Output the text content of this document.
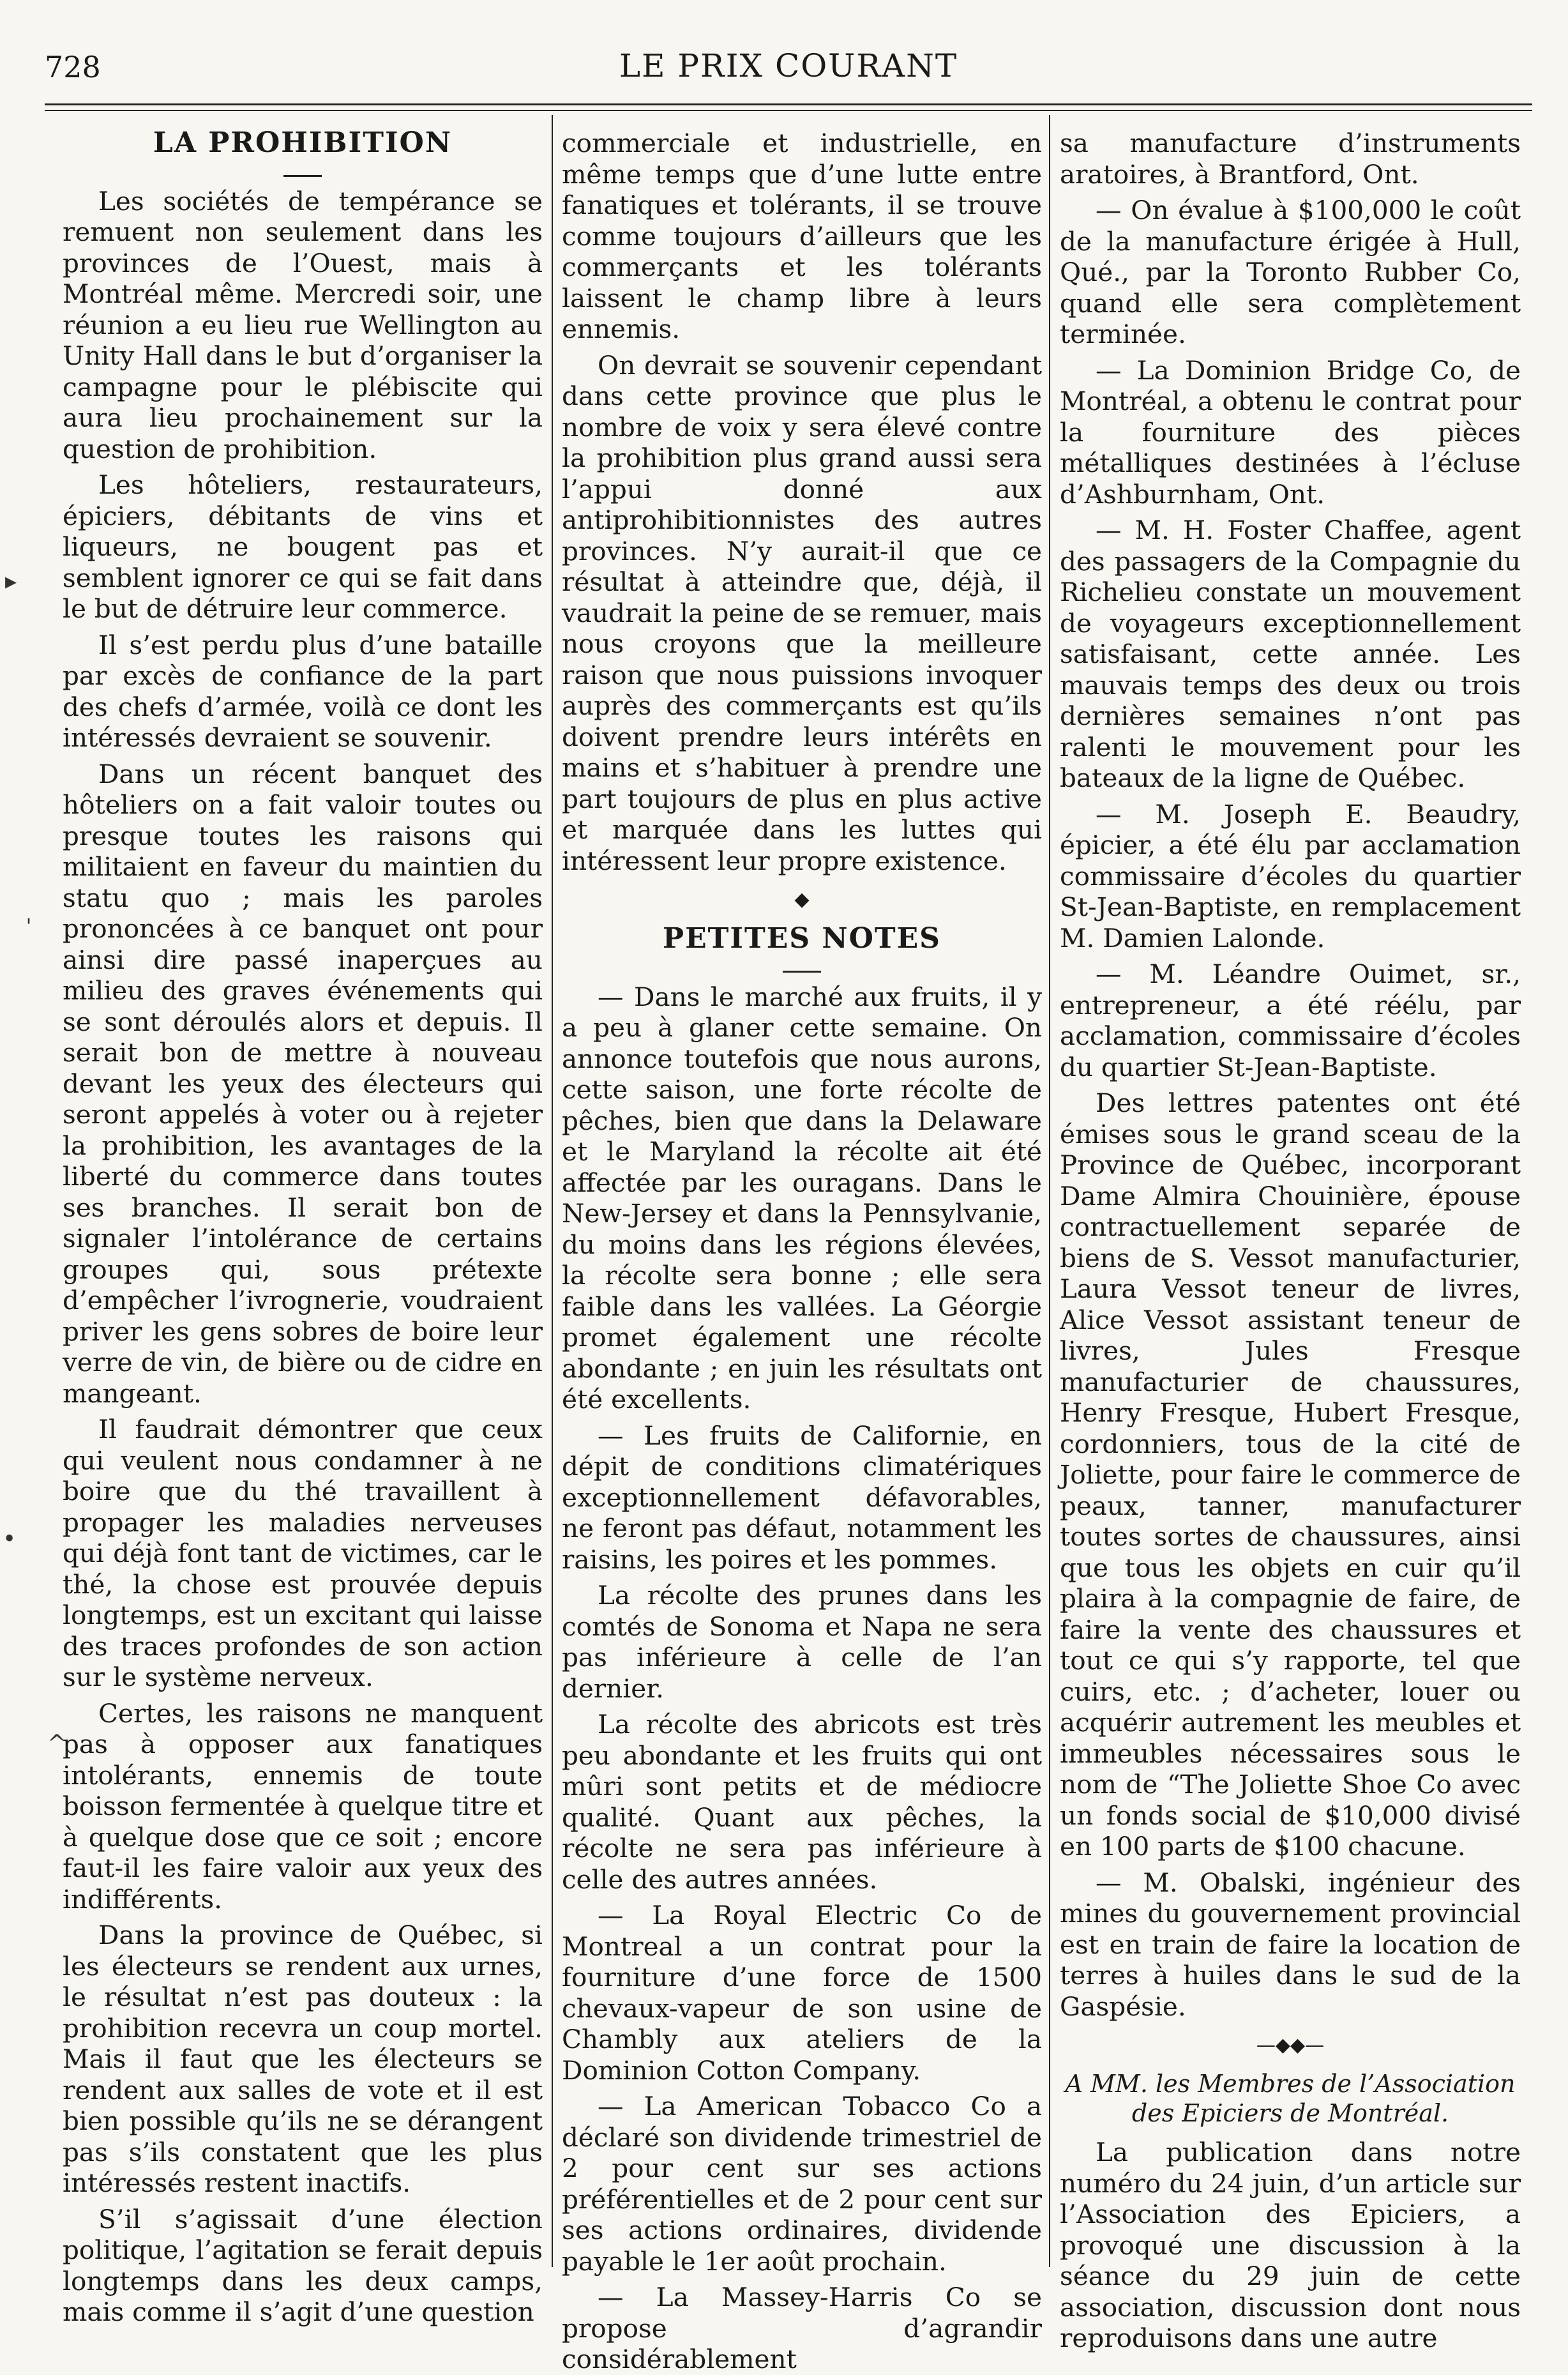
728	LE PRIX COURANT
▸
ˌ
•
^
LA PROHIBITION

Les sociétés de tempérance se remuent non seulement dans les provinces de l’Ouest, mais à Montréal même. Mercredi soir, une réunion a eu lieu rue Wellington au Unity Hall dans le but d’organiser la campagne pour le plébiscite qui aura lieu prochainement sur la question de prohibition.

Les hôteliers, restaurateurs, épiciers, débitants de vins et liqueurs, ne bougent pas et semblent ignorer ce qui se fait dans le but de détruire leur commerce.

Il s’est perdu plus d’une bataille par excès de confiance de la part des chefs d’armée, voilà ce dont les intéressés devraient se souvenir.

Dans un récent banquet des hôteliers on a fait valoir toutes ou presque toutes les raisons qui militaient en faveur du maintien du statu quo ; mais les paroles prononcées à ce banquet ont pour ainsi dire passé inaperçues au milieu des graves événements qui se sont déroulés alors et depuis. Il serait bon de mettre à nouveau devant les yeux des électeurs qui seront appelés à voter ou à rejeter la prohibition, les avantages de la liberté du commerce dans toutes ses branches. Il serait bon de signaler l’intolérance de certains groupes qui, sous prétexte d’empêcher l’ivrognerie, voudraient priver les gens sobres de boire leur verre de vin, de bière ou de cidre en mangeant.

Il faudrait démontrer que ceux qui veulent nous condamner à ne boire que du thé travaillent à propager les maladies nerveuses qui déjà font tant de victimes, car le thé, la chose est prouvée depuis longtemps, est un excitant qui laisse des traces profondes de son action sur le système nerveux.

Certes, les raisons ne manquent pas à opposer aux fanatiques intolérants, ennemis de toute boisson fermentée à quelque titre et à quelque dose que ce soit ; encore faut-il les faire valoir aux yeux des indifférents.

Dans la province de Québec, si les électeurs se rendent aux urnes, le résultat n’est pas douteux : la prohibition recevra un coup mortel. Mais il faut que les électeurs se rendent aux salles de vote et il est bien possible qu’ils ne se dérangent pas s’ils constatent que les plus intéressés restent inactifs.

S’il s’agissait d’une élection politique, l’agitation se ferait depuis longtemps dans les deux camps, mais comme il s’agit d’une question

commerciale et industrielle, en même temps que d’une lutte entre fanatiques et tolérants, il se trouve comme toujours d’ailleurs que les commerçants et les tolérants laissent le champ libre à leurs ennemis.

On devrait se souvenir cependant dans cette province que plus le nombre de voix y sera élevé contre la prohibition plus grand aussi sera l’appui donné aux antiprohibitionnistes des autres provinces. N’y aurait-il que ce résultat à atteindre que, déjà, il vaudrait la peine de se remuer, mais nous croyons que la meilleure raison que nous puissions invoquer auprès des commerçants est qu’ils doivent prendre leurs intérêts en mains et s’habituer à prendre une part toujours de plus en plus active et marquée dans les luttes qui intéressent leur propre existence.

◆
PETITES NOTES

— Dans le marché aux fruits, il y a peu à glaner cette semaine. On annonce toutefois que nous aurons, cette saison, une forte récolte de pêches, bien que dans la Delaware et le Maryland la récolte ait été affectée par les ouragans. Dans le New-Jersey et dans la Pennsylvanie, du moins dans les régions élevées, la récolte sera bonne ; elle sera faible dans les vallées. La Géorgie promet également une récolte abondante ; en juin les résultats ont été excellents.

— Les fruits de Californie, en dépit de conditions climatériques exceptionnellement défavorables, ne feront pas défaut, notamment les raisins, les poires et les pommes.

La récolte des prunes dans les comtés de Sonoma et Napa ne sera pas inférieure à celle de l’an dernier.

La récolte des abricots est très peu abondante et les fruits qui ont mûri sont petits et de médiocre qualité. Quant aux pêches, la récolte ne sera pas inférieure à celle des autres années.

— La Royal Electric Co de Montreal a un contrat pour la fourniture d’une force de 1500 chevaux-vapeur de son usine de Chambly aux ateliers de la Dominion Cotton Company.

— La American Tobacco Co a déclaré son dividende trimestriel de 2 pour cent sur ses actions préférentielles et de 2 pour cent sur ses actions ordinaires, dividende payable le 1er août prochain.

— La Massey-Harris Co se propose d’agrandir considérablement

sa manufacture d’instruments aratoires, à Brantford, Ont.

— On évalue à $100,000 le coût de la manufacture érigée à Hull, Qué., par la Toronto Rubber Co, quand elle sera complètement terminée.

— La Dominion Bridge Co, de Montréal, a obtenu le contrat pour la fourniture des pièces métalliques destinées à l’écluse d’Ashburnham, Ont.

— M. H. Foster Chaffee, agent des passagers de la Compagnie du Richelieu constate un mouvement de voyageurs exceptionnellement satisfaisant, cette année. Les mauvais temps des deux ou trois dernières semaines n’ont pas ralenti le mouvement pour les bateaux de la ligne de Québec.

— M. Joseph E. Beaudry, épicier, a été élu par acclamation commissaire d’écoles du quartier St-Jean-Baptiste, en remplacement M. Damien Lalonde.

— M. Léandre Ouimet, sr., entrepreneur, a été réélu, par acclamation, commissaire d’écoles du quartier St-Jean-Baptiste.

Des lettres patentes ont été émises sous le grand sceau de la Province de Québec, incorporant Dame Almira Chouinière, épouse contractuellement separée de biens de S. Vessot manufacturier, Laura Vessot teneur de livres, Alice Vessot assistant teneur de livres, Jules Fresque manufacturier de chaussures, Henry Fresque, Hubert Fresque, cordonniers, tous de la cité de Joliette, pour faire le commerce de peaux, tanner, manufacturer toutes sortes de chaussures, ainsi que tous les objets en cuir qu’il plaira à la compagnie de faire, de faire la vente des chaussures et tout ce qui s’y rapporte, tel que cuirs, etc. ; d’acheter, louer ou acquérir autrement les meubles et immeubles nécessaires sous le nom de “The Joliette Shoe Co avec un fonds social de $10,000 divisé en 100 parts de $100 chacune.

— M. Obalski, ingénieur des mines du gouvernement provincial est en train de faire la location de terres à huiles dans le sud de la Gaspésie.

—◆◆—
A MM. les Membres de l’Association
des Epiciers de Montréal.

La publication dans notre numéro du 24 juin, d’un article sur l’Association des Epiciers, a provoqué une discussion à la séance du 29 juin de cette association, discussion dont nous reproduisons dans une autre
